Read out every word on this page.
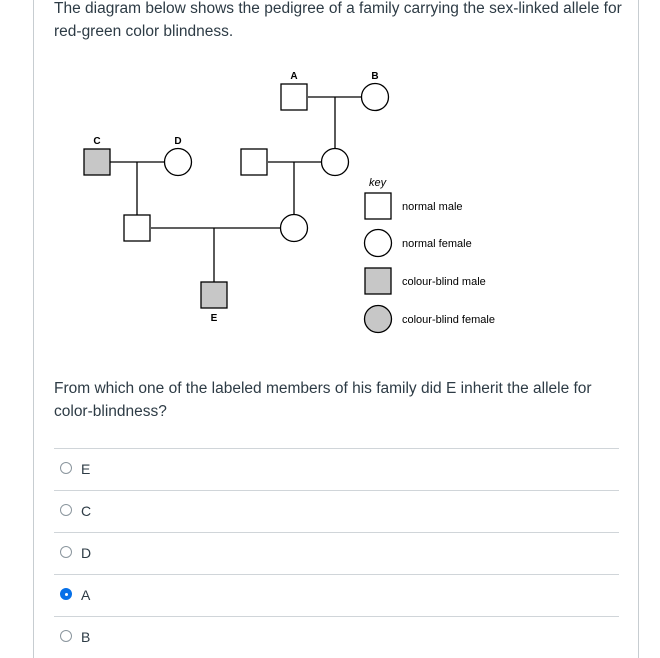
The diagram below shows the pedigree of a family carrying the sex-linked allele for red-green color blindness.
A	B
C	D
E
key
normal male
normal female
colour-blind male
colour-blind female
From which one of the labeled members of his family did E inherit the allele for color-blindness?
E
C
D
A
B
